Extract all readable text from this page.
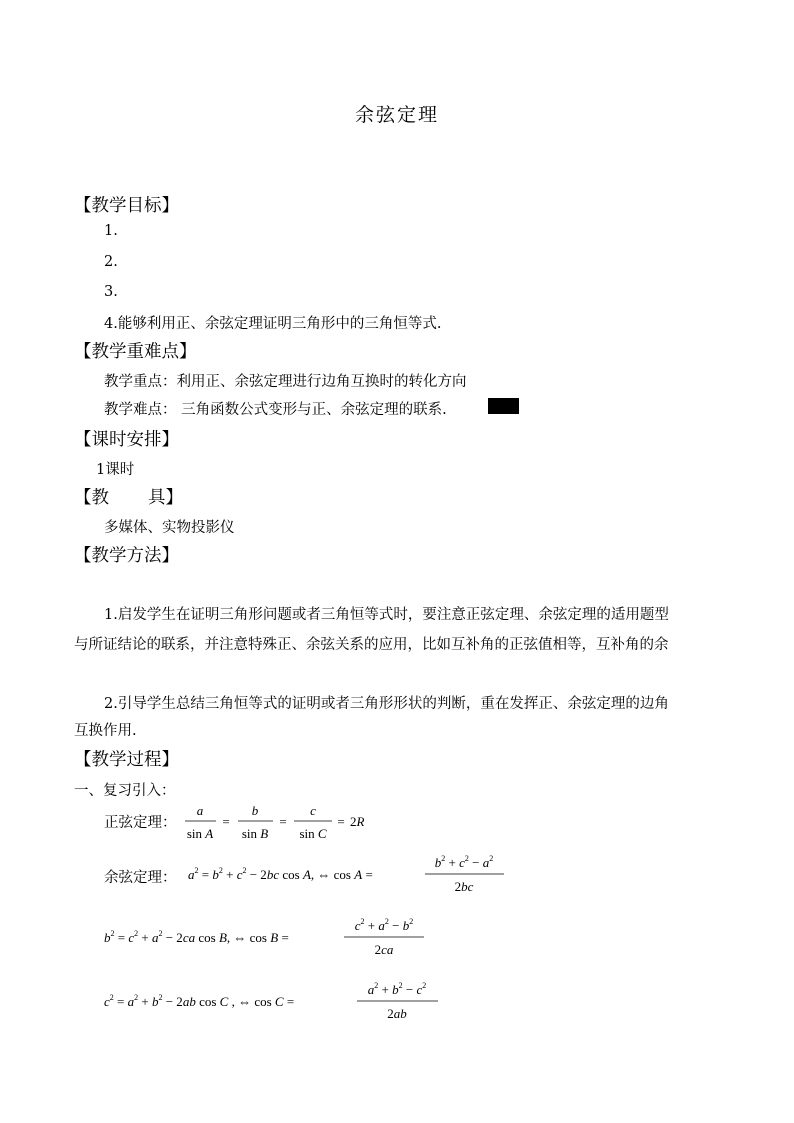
余弦定理
【教学目标】
1.
2.
3.
4.能够利用正、余弦定理证明三角形中的三角恒等式.
【教学重难点】
教学重点：利用正、余弦定理进行边角互换时的转化方向
教学难点： 三角函数公式变形与正、余弦定理的联系.
【课时安排】
1课时
【教       具】
多媒体、实物投影仪
【教学方法】
1.启发学生在证明三角形问题或者三角恒等式时，要注意正弦定理、余弦定理的适用题型
与所证结论的联系，并注意特殊正、余弦关系的应用，比如互补角的正弦值相等，互补角的余
2.引导学生总结三角恒等式的证明或者三角形形状的判断，重在发挥正、余弦定理的边角
互换作用.
【教学过程】
一、复习引入：
正弦定理：
a
sin A
=
b
sin B
=
c
sin C
= 2R
余弦定理： $a^2 = b^2 + c^2 - 2bc$ cos A, ⇔ cos A =
$b^2 + c^2 - a^2$
2bc
$b^2 = c^2 + a^2 - 2ca$ cos B, ⇔ cos B =
$c^2 + a^2 - b^2$
2ca
$c^2 = a^2 + b^2 - 2ab$ cos C , ⇔ cos C =
$a^2 + b^2 - c^2$
2ab
